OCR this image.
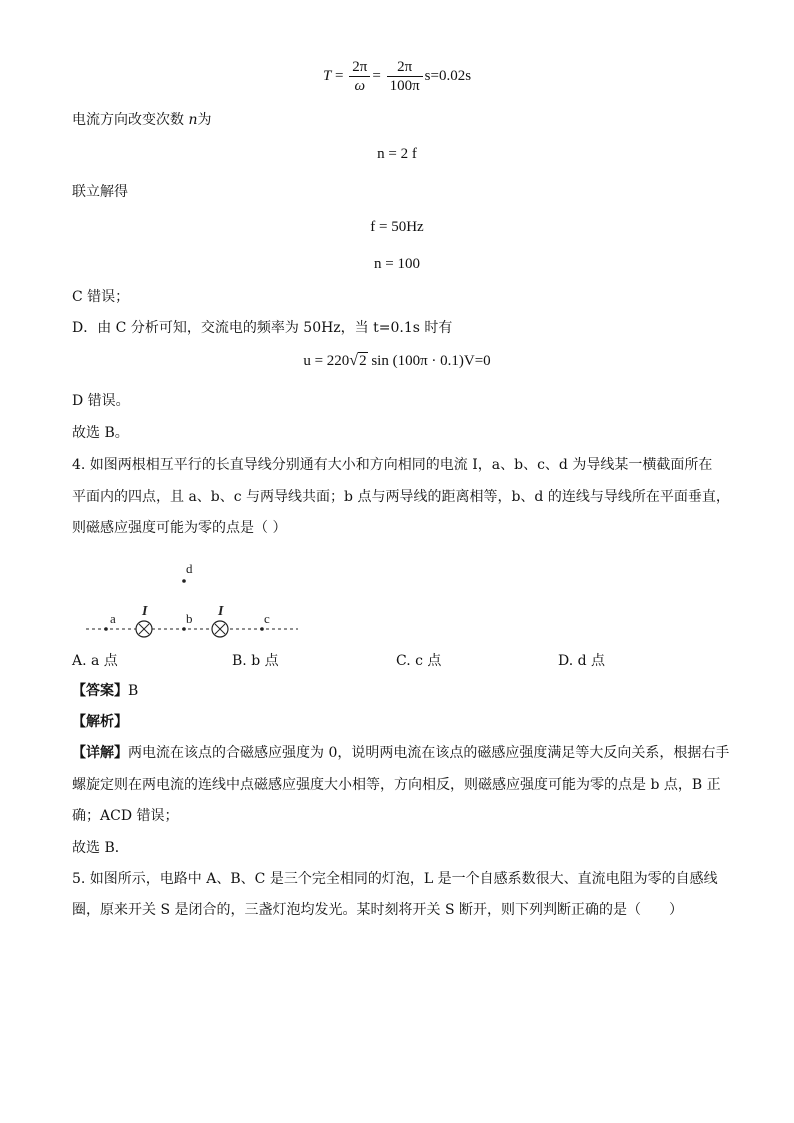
$T = \frac{2\pi}{\omega} = \frac{2\pi}{100\pi} s=0.02s$
电流方向改变次数 n为
n = 2 f
联立解得
f = 50Hz
n = 100
C 错误；
D．由 C 分析可知，交流电的频率为 50Hz，当 t=0.1s 时有
u = 220√2 sin (100π · 0.1)V=0
D 错误。
故选 B。
4. 如图两根相互平行的长直导线分别通有大小和方向相同的电流 I，a、b、c、d 为导线某一横截面所在
平面内的四点，且 a、b、c 与两导线共面；b 点与两导线的距离相等，b、d 的连线与导线所在平面垂直，
则磁感应强度可能为零的点是（ ）
a	b	c
d
I	I
A. a 点	B. b 点	C. c 点	D. d 点
【答案】B
【解析】
【详解】两电流在该点的合磁感应强度为 0，说明两电流在该点的磁感应强度满足等大反向关系，根据右手
螺旋定则在两电流的连线中点磁感应强度大小相等，方向相反，则磁感应强度可能为零的点是 b 点，B 正
确；ACD 错误；
故选 B．
5. 如图所示，电路中 A、B、C 是三个完全相同的灯泡，L 是一个自感系数很大、直流电阻为零的自感线
圈，原来开关 S 是闭合的，三盏灯泡均发光。某时刻将开关 S 断开，则下列判断正确的是（　　）
